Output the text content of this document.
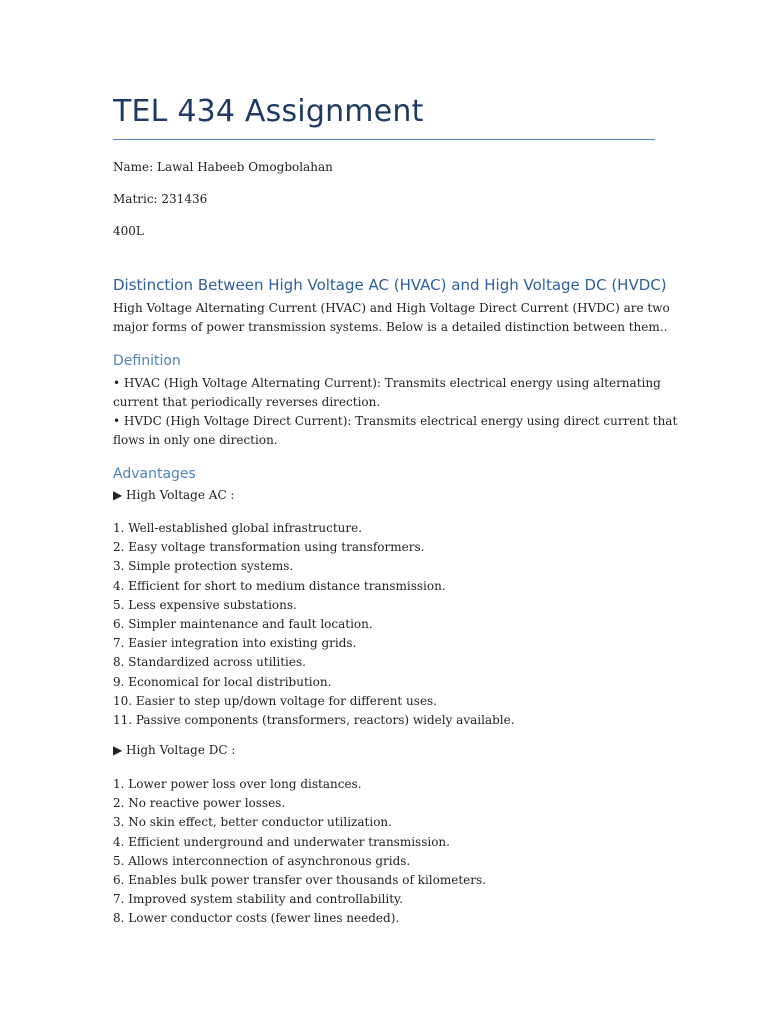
TEL 434 Assignment
Name: Lawal Habeeb Omogbolahan
Matric: 231436
400L
Distinction Between High Voltage AC (HVAC) and High Voltage DC (HVDC)
High Voltage Alternating Current (HVAC) and High Voltage Direct Current (HVDC) are two
major forms of power transmission systems. Below is a detailed distinction between them..
Definition
• HVAC (High Voltage Alternating Current): Transmits electrical energy using alternating
current that periodically reverses direction.
• HVDC (High Voltage Direct Current): Transmits electrical energy using direct current that
flows in only one direction.
Advantages
▶ High Voltage AC :
1. Well-established global infrastructure.
2. Easy voltage transformation using transformers.
3. Simple protection systems.
4. Efficient for short to medium distance transmission.
5. Less expensive substations.
6. Simpler maintenance and fault location.
7. Easier integration into existing grids.
8. Standardized across utilities.
9. Economical for local distribution.
10. Easier to step up/down voltage for different uses.
11. Passive components (transformers, reactors) widely available.
▶ High Voltage DC :
1. Lower power loss over long distances.
2. No reactive power losses.
3. No skin effect, better conductor utilization.
4. Efficient underground and underwater transmission.
5. Allows interconnection of asynchronous grids.
6. Enables bulk power transfer over thousands of kilometers.
7. Improved system stability and controllability.
8. Lower conductor costs (fewer lines needed).
